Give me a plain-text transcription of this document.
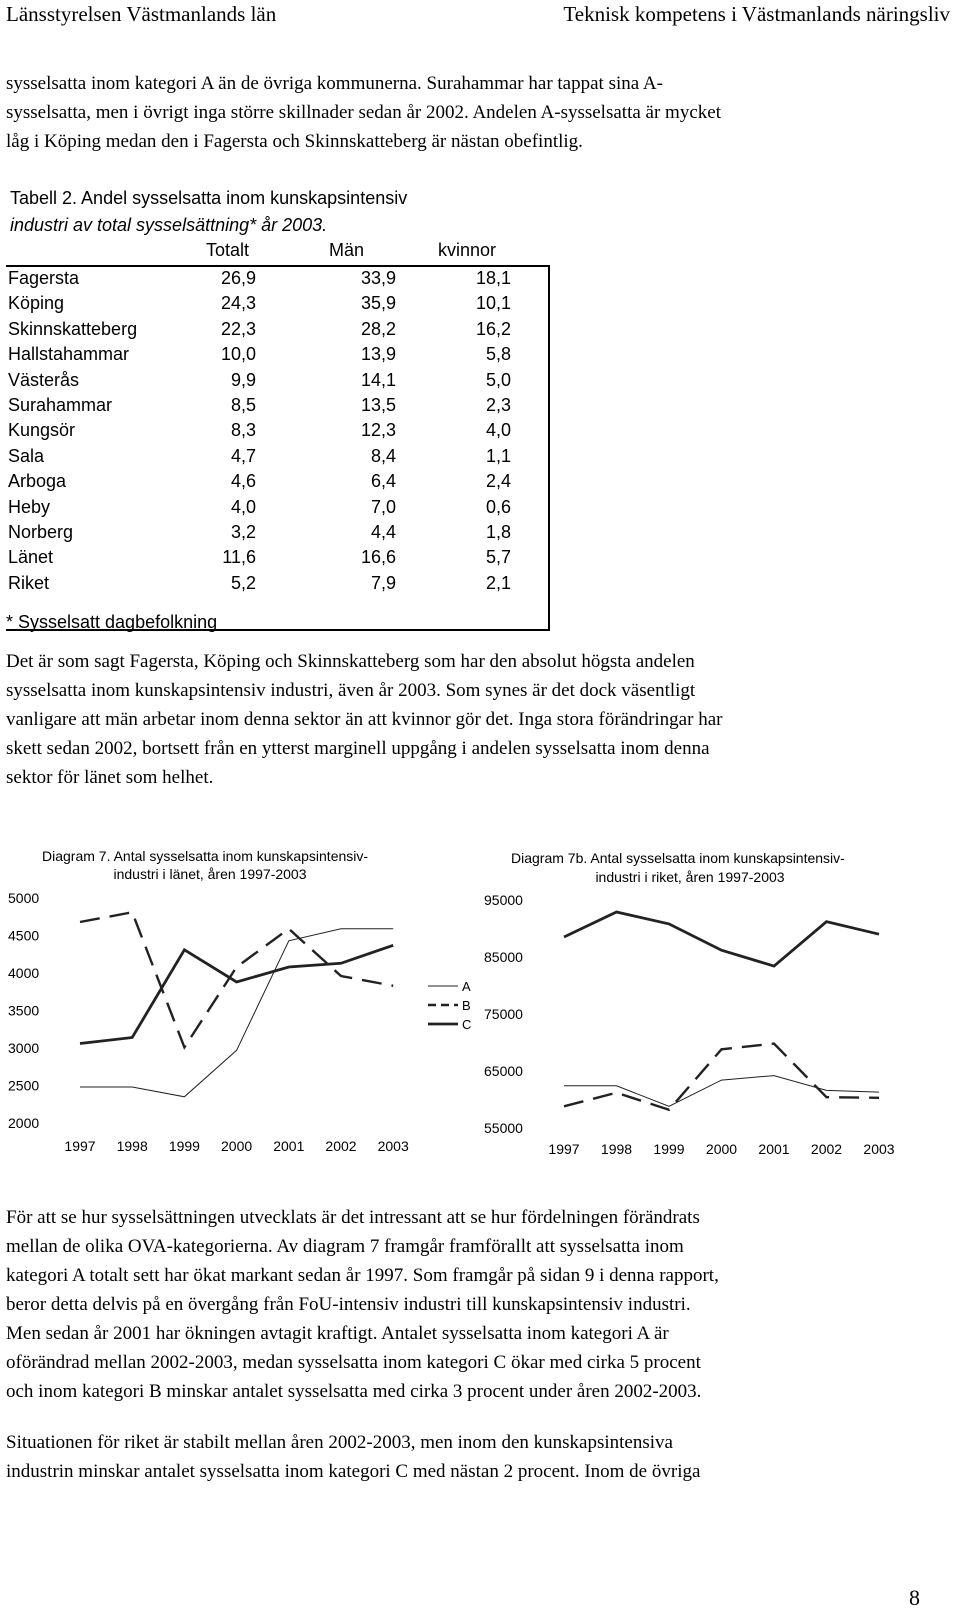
Länsstyrelsen Västmanlands län	Teknisk kompetens i Västmanlands näringsliv

sysselsatta inom kategori A än de övriga kommunerna. Surahammar har tappat sina A-

sysselsatta, men i övrigt inga större skillnader sedan år 2002. Andelen A-sysselsatta är mycket

låg i Köping medan den i Fagersta och Skinnskatteberg är nästan obefintlig.

Tabell 2. Andel sysselsatta inom kunskapsintensiv
industri av total sysselsättning* år 2003.
Totalt	Män	kvinnor
Fagersta	26,9	33,9	18,1
Köping	24,3	35,9	10,1
Skinnskatteberg	22,3	28,2	16,2
Hallstahammar	10,0	13,9	5,8
Västerås	9,9	14,1	5,0
Surahammar	8,5	13,5	2,3
Kungsör	8,3	12,3	4,0
Sala	4,7	8,4	1,1
Arboga	4,6	6,4	2,4
Heby	4,0	7,0	0,6
Norberg	3,2	4,4	1,8
Länet	11,6	16,6	5,7
Riket	5,2	7,9	2,1
* Sysselsatt dagbefolkning

Det är som sagt Fagersta, Köping och Skinnskatteberg som har den absolut högsta andelen

sysselsatta inom kunskapsintensiv industri, även år 2003. Som synes är det dock väsentligt

vanligare att män arbetar inom denna sektor än att kvinnor gör det. Inga stora förändringar har

skett sedan 2002, bortsett från en ytterst marginell uppgång i andelen sysselsatta inom denna

sektor för länet som helhet.

Diagram 7. Antal sysselsatta inom kunskapsintensiv-
industri i länet, åren 1997-2003
5000
4500
4000
3500
3000
2500
2000
1997 1998 1999 2000 2001 2002 2003
A
B
C
Diagram 7b. Antal sysselsatta inom kunskapsintensiv-
industri i riket, åren 1997-2003
95000
85000
75000
65000
55000
1997 1998 1999 2000 2001 2002 2003

För att se hur sysselsättningen utvecklats är det intressant att se hur fördelningen förändrats

mellan de olika OVA-kategorierna. Av diagram 7 framgår framförallt att sysselsatta inom

kategori A totalt sett har ökat markant sedan år 1997. Som framgår på sidan 9 i denna rapport,

beror detta delvis på en övergång från FoU-intensiv industri till kunskapsintensiv industri.

Men sedan år 2001 har ökningen avtagit kraftigt. Antalet sysselsatta inom kategori A är

oförändrad mellan 2002-2003, medan sysselsatta inom kategori C ökar med cirka 5 procent

och inom kategori B minskar antalet sysselsatta med cirka 3 procent under åren 2002-2003.

Situationen för riket är stabilt mellan åren 2002-2003, men inom den kunskapsintensiva

industrin minskar antalet sysselsatta inom kategori C med nästan 2 procent. Inom de övriga

8
